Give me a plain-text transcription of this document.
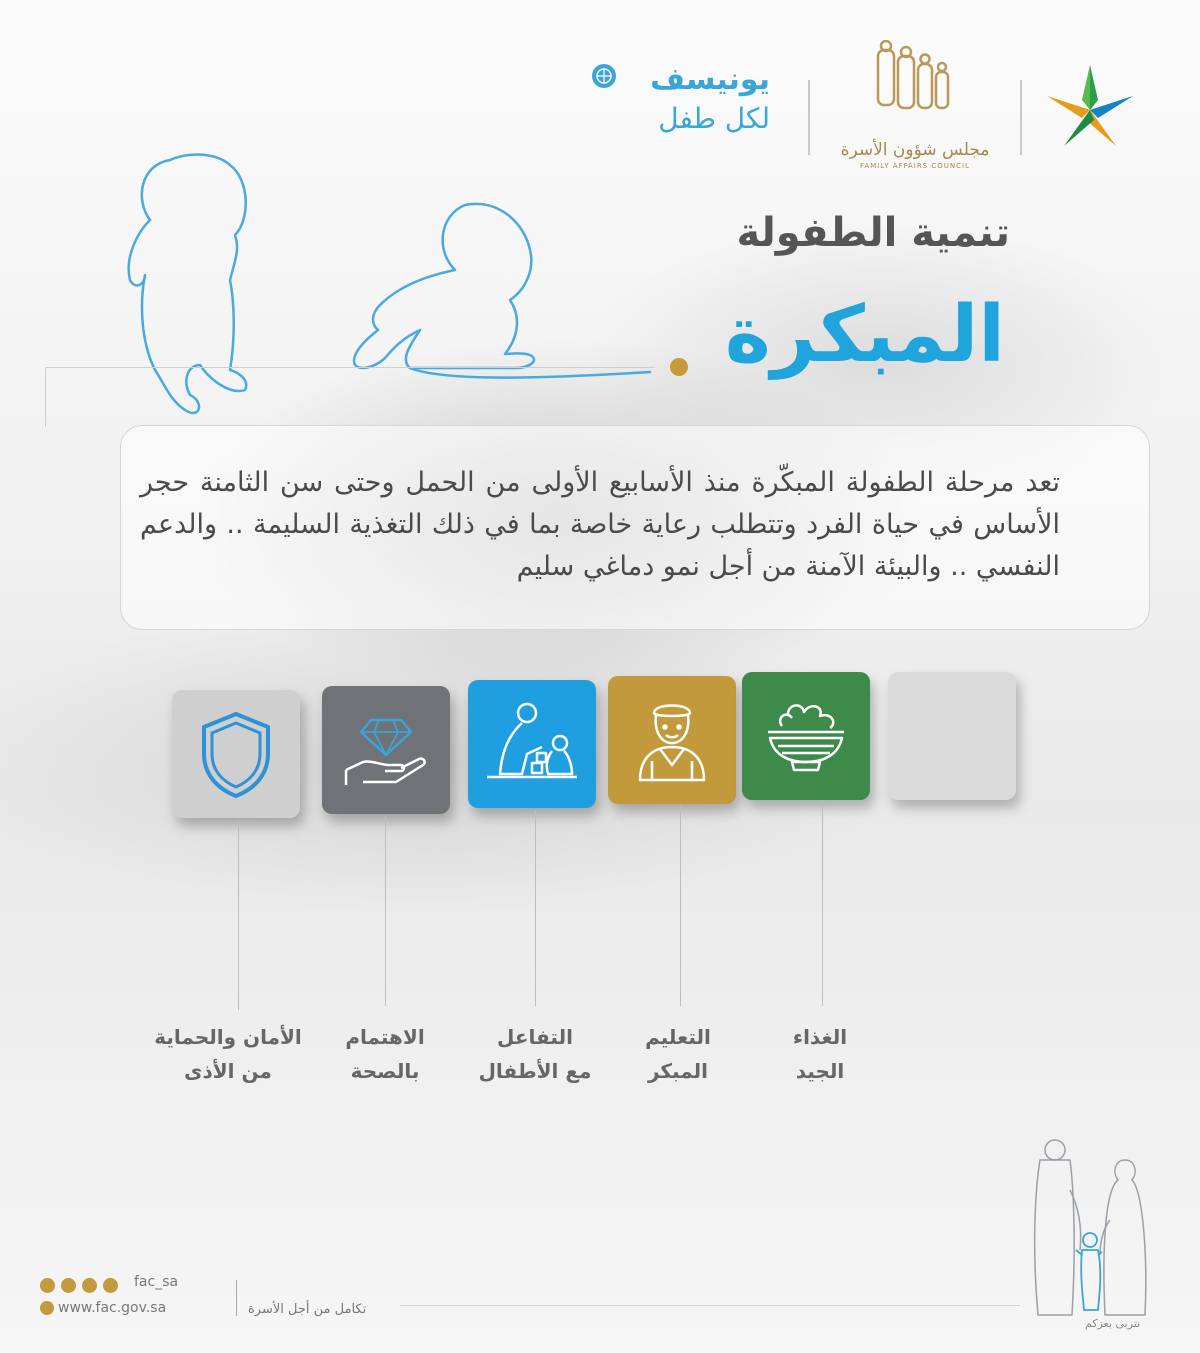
مجلس شؤون الأسرة
FAMILY AFFAIRS COUNCIL
يونيسف
لكل طفل
تنمية الطفولة
المبكرة
تعد مرحلة الطفولة المبكّرة منذ الأسابيع الأولى من الحمل وحتى سن الثامنة حجر الأساس في حياة الفرد وتتطلب رعاية خاصة بما في ذلك التغذية السليمة .. والدعم النفسي .. والبيئة الآمنة من أجل نمو دماغي سليم
الأمان والحماية
من الأذى
الاهتمام
بالصحة
التفاعل
مع الأطفال
التعليم
المبكر
الغذاء
الجيد
نتربى بعزكم
fac_sa
www.fac.gov.sa	تكامل من أجل الأسرة
